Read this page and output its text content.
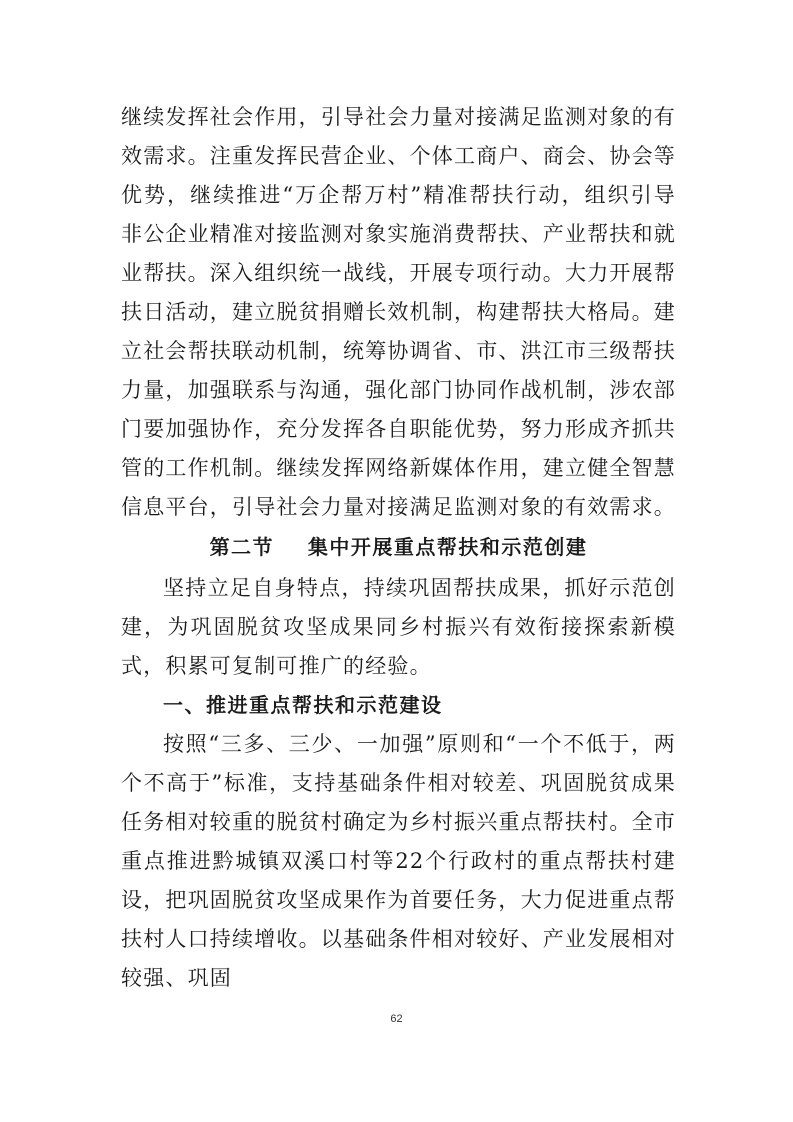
继续发挥社会作用，引导社会力量对接满足监测对象的有效需求。注重发挥民营企业、个体工商户、商会、协会等优势，继续推进“万企帮万村”精准帮扶行动，组织引导非公企业精准对接监测对象实施消费帮扶、产业帮扶和就业帮扶。深入组织统一战线，开展专项行动。大力开展帮扶日活动，建立脱贫捐赠长效机制，构建帮扶大格局。建立社会帮扶联动机制，统筹协调省、市、洪江市三级帮扶力量，加强联系与沟通，强化部门协同作战机制，涉农部门要加强协作，充分发挥各自职能优势，努力形成齐抓共管的工作机制。继续发挥网络新媒体作用，建立健全智慧信息平台，引导社会力量对接满足监测对象的有效需求。

第二节    集中开展重点帮扶和示范创建

坚持立足自身特点，持续巩固帮扶成果，抓好示范创建，为巩固脱贫攻坚成果同乡村振兴有效衔接探索新模式，积累可复制可推广的经验。

一、推进重点帮扶和示范建设

按照“三多、三少、一加强”原则和“一个不低于，两个不高于”标准，支持基础条件相对较差、巩固脱贫成果任务相对较重的脱贫村确定为乡村振兴重点帮扶村。全市重点推进黔城镇双溪口村等22个行政村的重点帮扶村建设，把巩固脱贫攻坚成果作为首要任务，大力促进重点帮扶村人口持续增收。以基础条件相对较好、产业发展相对较强、巩固

62
